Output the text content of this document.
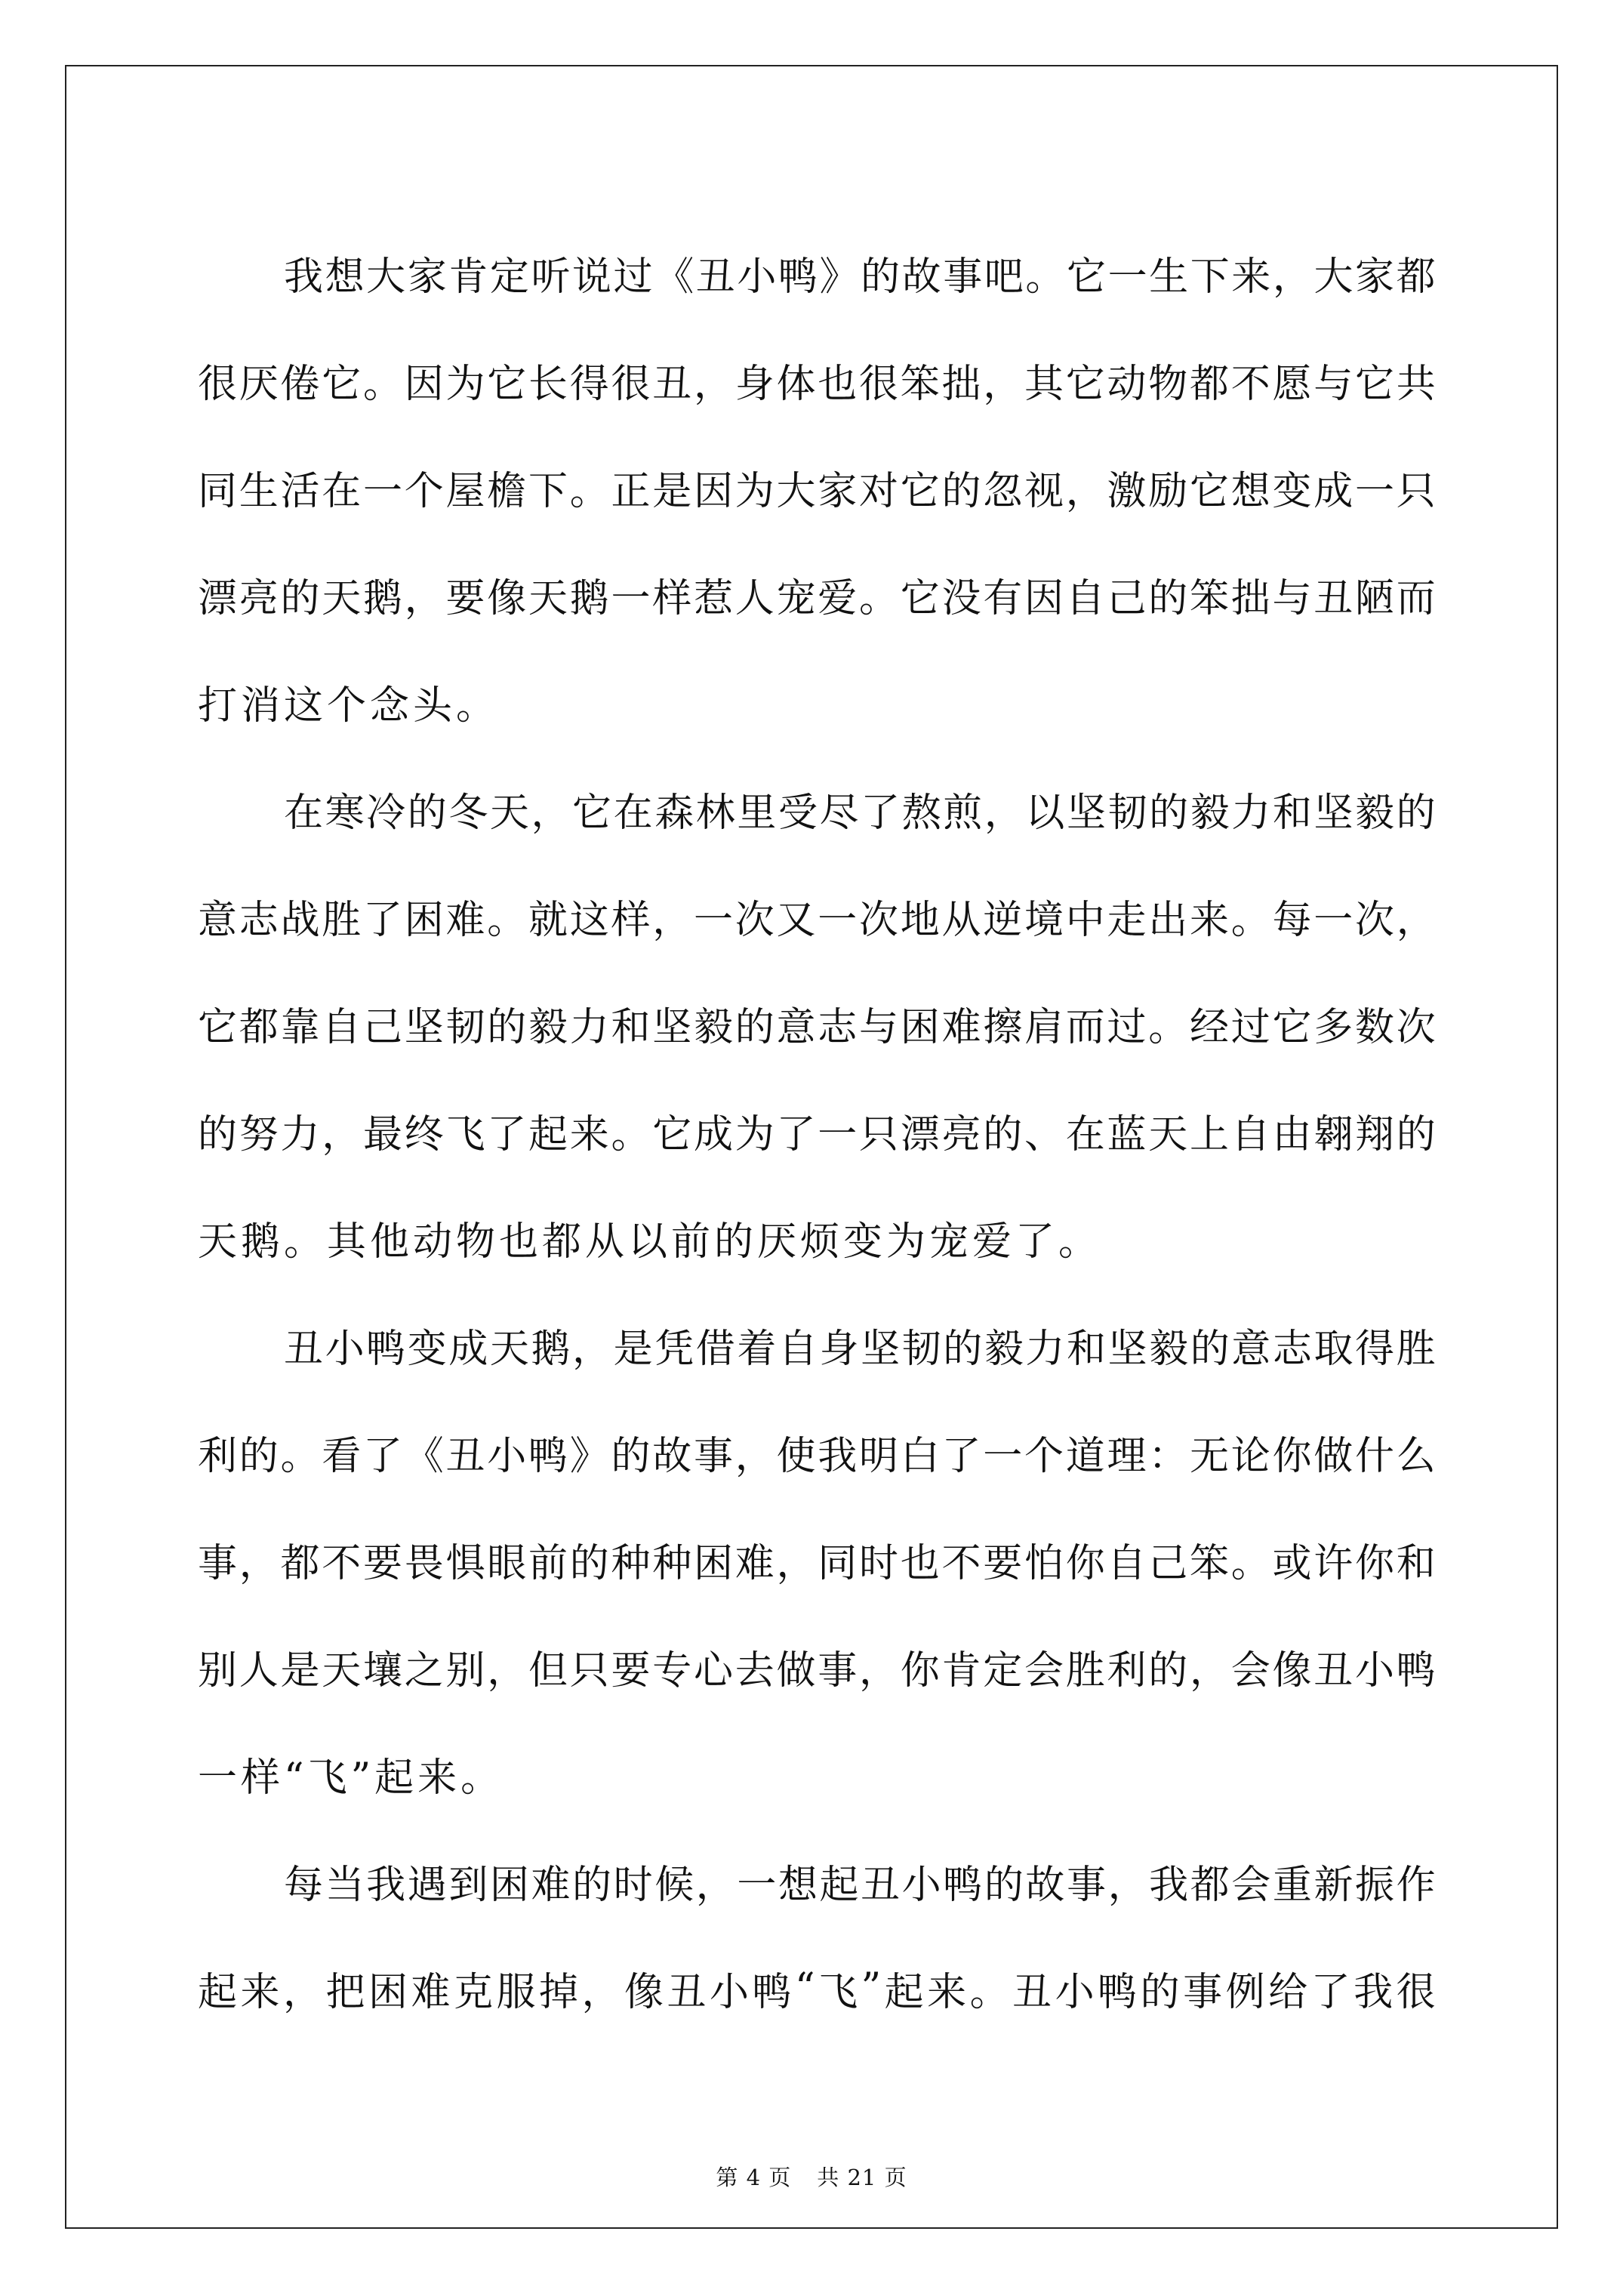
我 想 大 家 肯 定 听 说 过 《 丑 小 鸭 》 的 故 事 吧 。 它 一 生 下 来 ， 大 家 都
很 厌 倦 它 。 因 为 它 长 得 很 丑 ， 身 体 也 很 笨 拙 ， 其 它 动 物 都 不 愿 与 它 共
同 生 活 在 一 个 屋 檐 下 。 正 是 因 为 大 家 对 它 的 忽 视 ， 激 励 它 想 变 成 一 只
漂 亮 的 天 鹅 ， 要 像 天 鹅 一 样 惹 人 宠 爱 。 它 没 有 因 自 己 的 笨 拙 与 丑 陋 而
打消这个念头。
在 寒 冷 的 冬 天 ， 它 在 森 林 里 受 尽 了 熬 煎 ， 以 坚 韧 的 毅 力 和 坚 毅 的
意 志 战 胜 了 困 难 。 就 这 样 ， 一 次 又 一 次 地 从 逆 境 中 走 出 来 。 每 一 次 ，
它 都 靠 自 己 坚 韧 的 毅 力 和 坚 毅 的 意 志 与 困 难 擦 肩 而 过 。 经 过 它 多 数 次
的 努 力 ， 最 终 飞 了 起 来 。 它 成 为 了 一 只 漂 亮 的 、 在 蓝 天 上 自 由 翱 翔 的
天鹅。其他动物也都从以前的厌烦变为宠爱了。
丑 小 鸭 变 成 天 鹅 ， 是 凭 借 着 自 身 坚 韧 的 毅 力 和 坚 毅 的 意 志 取 得 胜
利 的 。 看 了 《 丑 小 鸭 》 的 故 事 ， 使 我 明 白 了 一 个 道 理 ： 无 论 你 做 什 么
事 ， 都 不 要 畏 惧 眼 前 的 种 种 困 难 ， 同 时 也 不 要 怕 你 自 己 笨 。 或 许 你 和
别 人 是 天 壤 之 别 ， 但 只 要 专 心 去 做 事 ， 你 肯 定 会 胜 利 的 ， 会 像 丑 小 鸭
一样“飞”起来。
每 当 我 遇 到 困 难 的 时 候 ， 一 想 起 丑 小 鸭 的 故 事 ， 我 都 会 重 新 振 作
起 来 ， 把 困 难 克 服 掉 ， 像 丑 小 鸭 “ 飞 ” 起 来 。 丑 小 鸭 的 事 例 给 了 我 很
第 4 页 共 21 页
